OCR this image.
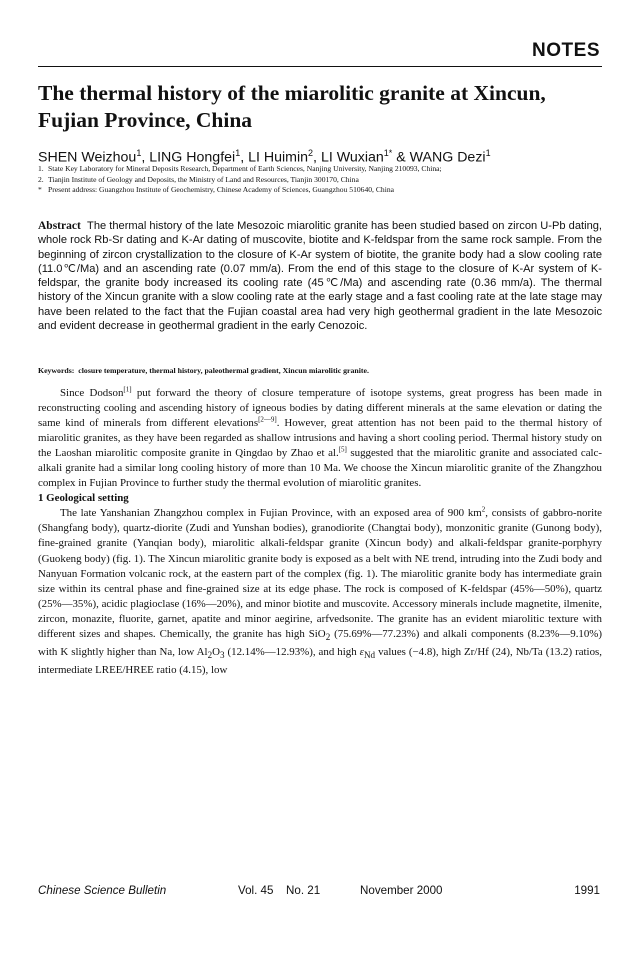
NOTES
The thermal history of the miarolitic granite at Xincun, Fujian Province, China
SHEN Weizhou$^1$, LING Hongfei$^1$, LI Huimin$^2$, LI Wuxian$^{1*}$ & WANG Dezi$^1$
1. State Key Laboratory for Mineral Deposits Research, Department of Earth Sciences, Nanjing University, Nanjing 210093, China;
2. Tianjin Institute of Geology and Deposits, the Ministry of Land and Resources, Tianjin 300170, China
* Present address: Guangzhou Institute of Geochemistry, Chinese Academy of Sciences, Guangzhou 510640, China
Abstract The thermal history of the late Mesozoic miarolitic granite has been studied based on zircon U-Pb dating, whole rock Rb-Sr dating and K-Ar dating of muscovite, biotite and K-feldspar from the same rock sample. From the beginning of zircon crystallization to the closure of K-Ar system of biotite, the granite body had a slow cooling rate (11.0℃/Ma) and an ascending rate (0.07 mm/a). From the end of this stage to the closure of K-Ar system of K-feldspar, the granite body increased its cooling rate (45℃/Ma) and ascending rate (0.36 mm/a). The thermal history of the Xincun granite with a slow cooling rate at the early stage and a fast cooling rate at the late stage may have been related to the fact that the Fujian coastal area had very high geothermal gradient in the late Mesozoic and evident decrease in geothermal gradient in the early Cenozoic.
Keywords: closure temperature, thermal history, paleothermal gradient, Xincun miarolitic granite.

Since Dodson[1] put forward the theory of closure temperature of isotope systems, great progress has been made in reconstructing cooling and ascending history of igneous bodies by dating different minerals at the same elevation or dating the same kind of minerals from different elevations[2—9]. However, great attention has not been paid to the thermal history of miarolitic granites, as they have been regarded as shallow intrusions and having a short cooling period. Thermal history study on the Laoshan miarolitic composite granite in Qingdao by Zhao et al.[5] suggested that the miarolitic granite and associated calc-alkali granite had a similar long cooling history of more than 10 Ma. We choose the Xincun miarolitic granite of the Zhangzhou complex in Fujian Province to further study the thermal evolution of miarolitic granites.

1 Geological setting

The late Yanshanian Zhangzhou complex in Fujian Province, with an exposed area of 900 $km^2$, consists of gabbro-norite (Shangfang body), quartz-diorite (Zudi and Yunshan bodies), granodiorite (Changtai body), monzonitic granite (Gunong body), fine-grained granite (Yanqian body), miarolitic alkali-feldspar granite (Xincun body) and alkali-feldspar granite-porphyry (Guokeng body) (fig. 1). The Xincun miarolitic granite body is exposed as a belt with NE trend, intruding into the Zudi body and Nanyuan Formation volcanic rock, at the eastern part of the complex (fig. 1). The miarolitic granite body has intermediate grain size within its central phase and fine-grained size at its edge phase. The rock is composed of K-feldspar (45%—50%), quartz (25%—35%), acidic plagioclase (16%—20%), and minor biotite and muscovite. Accessory minerals include magnetite, ilmenite, zircon, monazite, fluorite, garnet, apatite and minor aegirine, arfvedsonite. The granite has an evident miarolitic texture with different sizes and shapes. Chemically, the granite has high SiO$_2$ (75.69%—77.23%) and alkali components (8.23%—9.10%) with K slightly higher than Na, low $Al_2O_3$ (12.14%—12.93%), and high $\varepsilon_{Nd}$ values (−4.8), high Zr/Hf (24), Nb/Ta (13.2) ratios, intermediate LREE/HREE ratio (4.15), low

Chinese Science Bulletin	Vol. 45 No. 21	November 2000	1991
